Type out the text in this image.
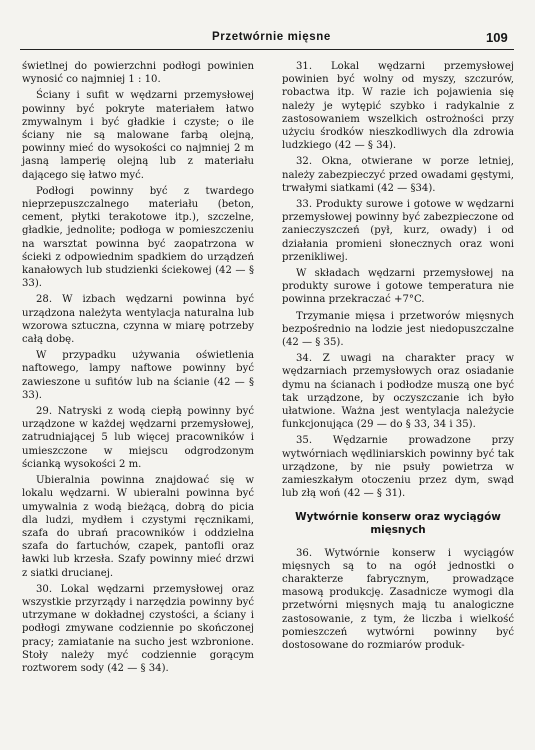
Przetwórnie mięsne	109

świetlnej do powierzchni podłogi powinien wynosić co najmniej 1 : 10.

Ściany i sufit w wędzarni przemysłowej powinny być pokryte materiałem łatwo zmywalnym i być gładkie i czyste; o ile ściany nie są malowane farbą olejną, powinny mieć do wysokości co najmniej 2 m jasną lamperię olejną lub z materiału dającego się łatwo myć.

Podłogi powinny być z twardego nieprzepuszczalnego materiału (beton, cement, płytki terakotowe itp.), szczelne, gładkie, jednolite; podłoga w pomieszczeniu na warsztat powinna być zaopatrzona w ścieki z odpowiednim spadkiem do urządzeń kanałowych lub studzienki ściekowej (42 — § 33).

28. W izbach wędzarni powinna być urządzona należyta wentylacja naturalna lub wzorowa sztuczna, czynna w miarę potrzeby całą dobę.

W przypadku używania oświetlenia naftowego, lampy naftowe powinny być zawieszone u sufitów lub na ścianie (42 — § 33).

29. Natryski z wodą ciepłą powinny być urządzone w każdej wędzarni przemysłowej, zatrudniającej 5 lub więcej pracowników i umieszczone w miejscu odgrodzonym ścianką wysokości 2 m.

Ubieralnia powinna znajdować się w lokalu wędzarni. W ubieralni powinna być umywalnia z wodą bieżącą, dobrą do picia dla ludzi, mydłem i czystymi ręcznikami, szafa do ubrań pracowników i oddzielna szafa do fartuchów, czapek, pantofli oraz ławki lub krzesła. Szafy powinny mieć drzwi z siatki drucianej.

30. Lokal wędzarni przemysłowej oraz wszystkie przyrządy i narzędzia powinny być utrzymane w dokładnej czystości, a ściany i podłogi zmywane codziennie po skończonej pracy; zamiatanie na sucho jest wzbronione. Stoły należy myć codziennie gorącym roztworem sody (42 — § 34).

31. Lokal wędzarni przemysłowej powinien być wolny od myszy, szczurów, robactwa itp. W razie ich pojawienia się należy je wytępić szybko i radykalnie z zastosowaniem wszelkich ostrożności przy użyciu środków nieszkodliwych dla zdrowia ludzkiego (42 — § 34).

32. Okna, otwierane w porze letniej, należy zabezpieczyć przed owadami gęstymi, trwałymi siatkami (42 — §34).

33. Produkty surowe i gotowe w wędzarni przemysłowej powinny być zabezpieczone od zanieczyszczeń (pył, kurz, owady) i od działania promieni słonecznych oraz woni przenikliwej.

W składach wędzarni przemysłowej na produkty surowe i gotowe temperatura nie powinna przekraczać +7°C.

Trzymanie mięsa i przetworów mięsnych bezpośrednio na lodzie jest niedopuszczalne (42 — § 35).

34. Z uwagi na charakter pracy w wędzarniach przemysłowych oraz osiadanie dymu na ścianach i podłodze muszą one być tak urządzone, by oczyszczanie ich było ułatwione. Ważna jest wentylacja należycie funkcjonująca (29 — do § 33, 34 i 35).

35. Wędzarnie prowadzone przy wytwórniach wędliniarskich powinny być tak urządzone, by nie psuły powietrza w zamieszkałym otoczeniu przez dym, swąd lub złą woń (42 — § 31).

Wytwórnie konserw oraz wyciągów mięsnych

36. Wytwórnie konserw i wyciągów mięsnych są to na ogół jednostki o charakterze fabrycznym, prowadzące masową produkcję. Zasadnicze wymogi dla przetwórni mięsnych mają tu analogiczne zastosowanie, z tym, że liczba i wielkość pomieszczeń wytwórni powinny być dostosowane do rozmiarów produk-
